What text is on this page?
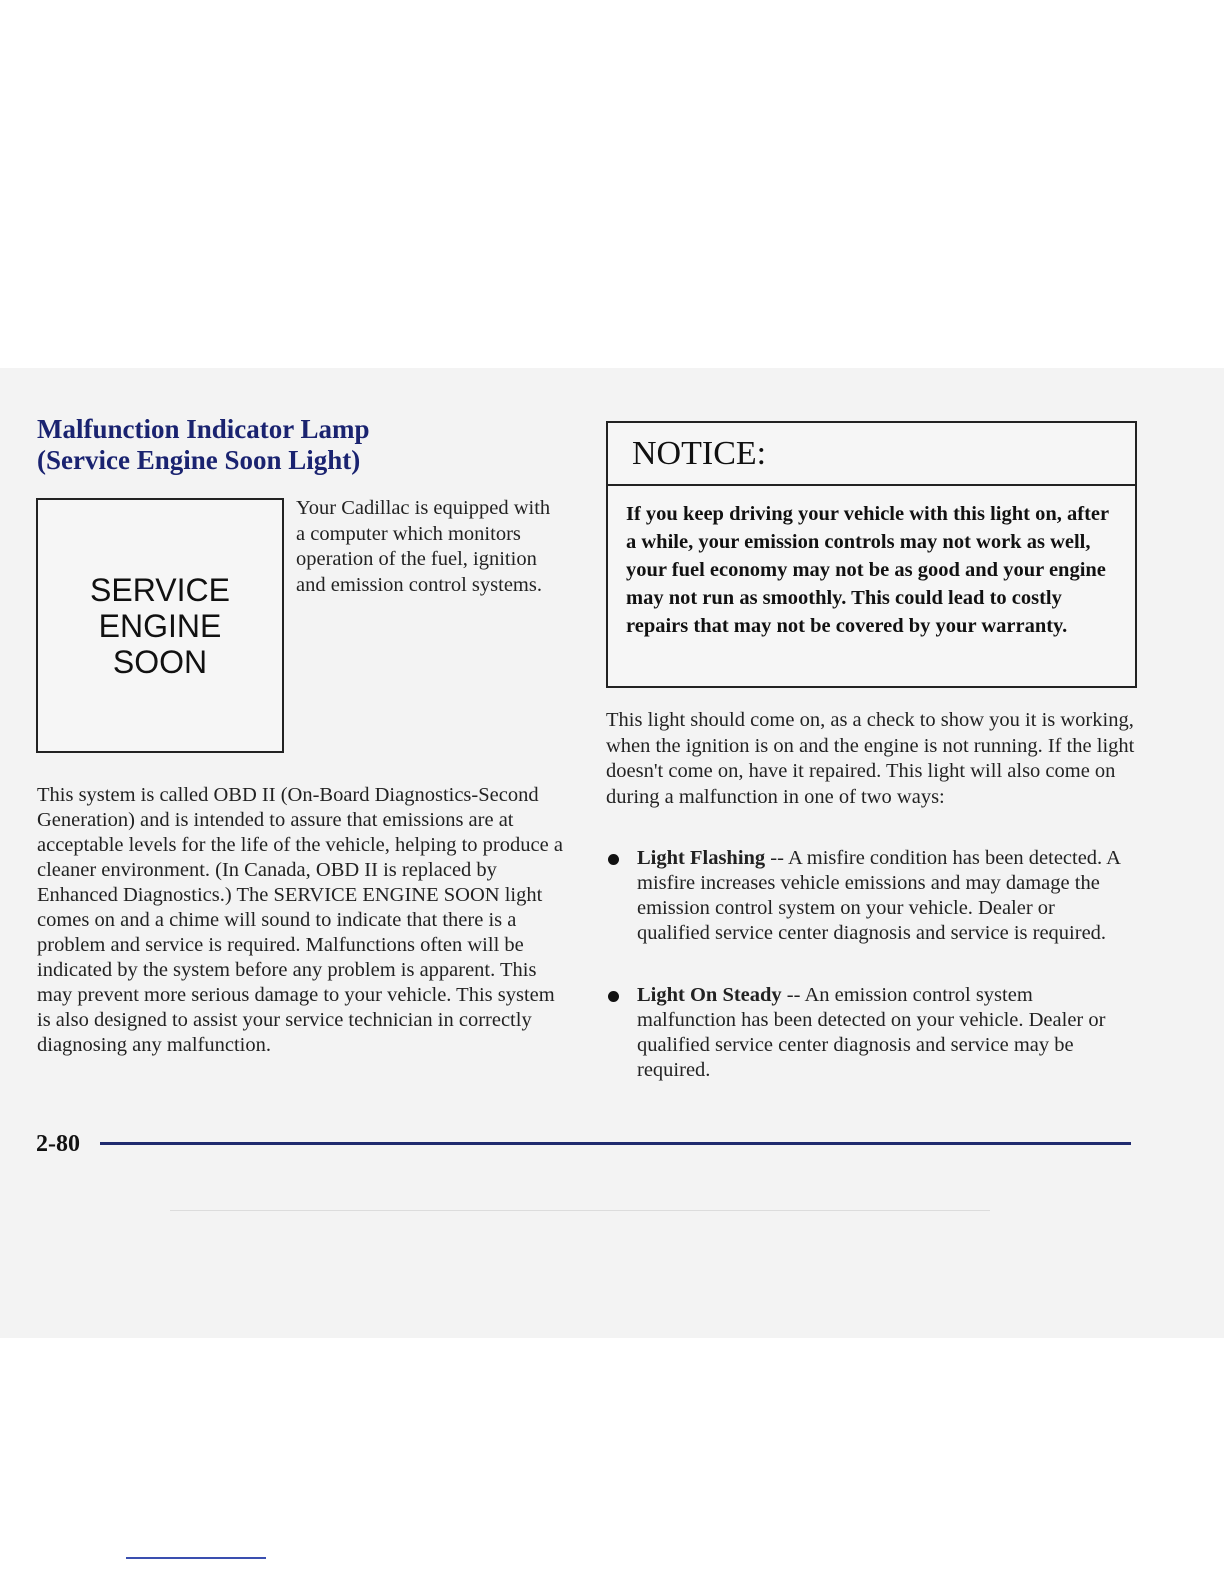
Malfunction Indicator Lamp
(Service Engine Soon Light)
SERVICE
ENGINE
SOON
Your Cadillac is equipped with a computer which monitors operation of the fuel, ignition and emission control systems.
This system is called OBD II (On-Board Diagnostics-Second Generation) and is intended to assure that emissions are at acceptable levels for the life of the vehicle, helping to produce a cleaner environment. (In Canada, OBD II is replaced by Enhanced Diagnostics.) The SERVICE ENGINE SOON light comes on and a chime will sound to indicate that there is a problem and service is required. Malfunctions often will be indicated by the system before any problem is apparent. This may prevent more serious damage to your vehicle. This system is also designed to assist your service technician in correctly diagnosing any malfunction.
NOTICE:
If you keep driving your vehicle with this light on, after a while, your emission controls may not work as well, your fuel economy may not be as good and your engine may not run as smoothly. This could lead to costly repairs that may not be covered by your warranty.
This light should come on, as a check to show you it is working, when the ignition is on and the engine is not running. If the light doesn't come on, have it repaired. This light will also come on during a malfunction in one of two ways:
Light Flashing -- A misfire condition has been detected. A misfire increases vehicle emissions and may damage the emission control system on your vehicle. Dealer or qualified service center diagnosis and service is required.
Light On Steady -- An emission control system malfunction has been detected on your vehicle. Dealer or qualified service center diagnosis and service may be required.
2-80
